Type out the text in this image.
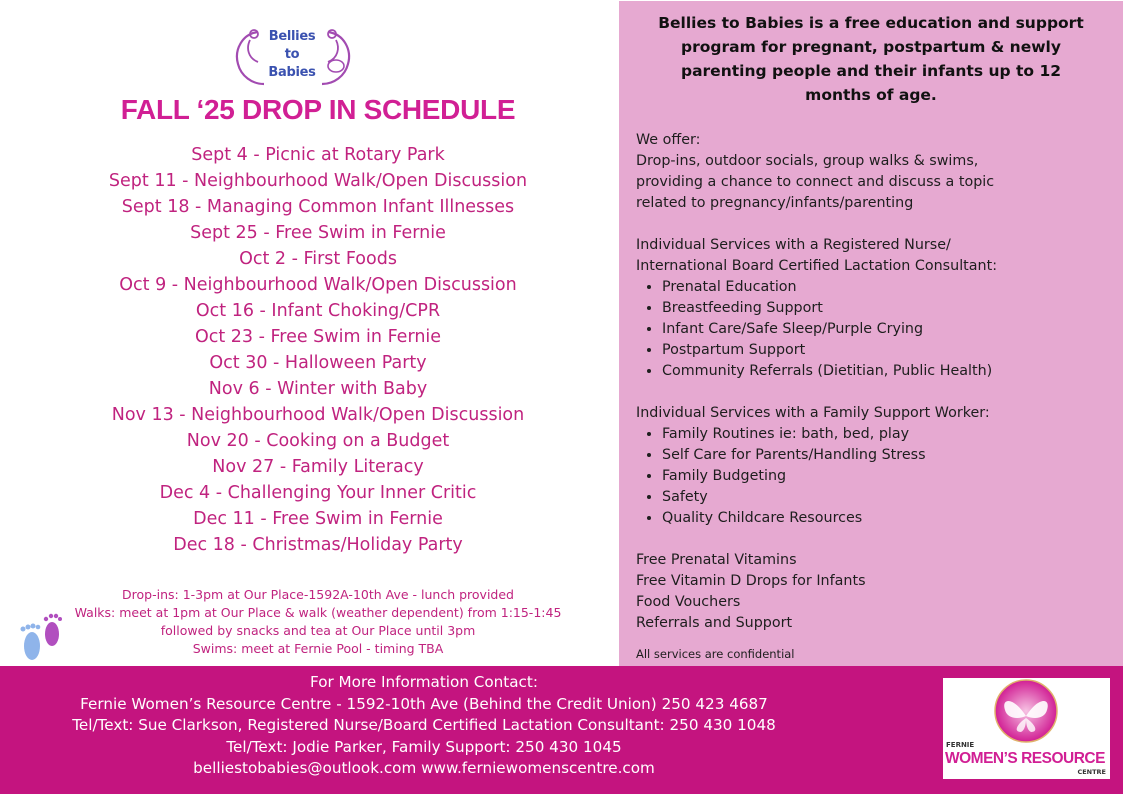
Bellies
to
Babies
FALL ‘25 DROP IN SCHEDULE
Sept 4 - Picnic at Rotary Park
Sept 11 - Neighbourhood Walk/Open Discussion
Sept 18 - Managing Common Infant Illnesses
Sept 25 - Free Swim in Fernie
Oct 2 - First Foods
Oct 9 - Neighbourhood Walk/Open Discussion
Oct 16 - Infant Choking/CPR
Oct 23 - Free Swim in Fernie
Oct 30 - Halloween Party
Nov 6 - Winter with Baby
Nov 13 - Neighbourhood Walk/Open Discussion
Nov 20 - Cooking on a Budget
Nov 27 - Family Literacy
Dec 4 - Challenging Your Inner Critic
Dec 11 - Free Swim in Fernie
Dec 18 - Christmas/Holiday Party
Drop-ins: 1-3pm at Our Place-1592A-10th Ave - lunch provided
Walks: meet at 1pm at Our Place & walk (weather dependent) from 1:15-1:45
followed by snacks and tea at Our Place until 3pm
Swims: meet at Fernie Pool - timing TBA
Bellies to Babies is a free education and support program for pregnant, postpartum & newly parenting people and their infants up to 12 months of age.

We offer:

Drop-ins, outdoor socials, group walks & swims,

providing a chance to connect and discuss a topic

related to pregnancy/infants/parenting

Individual Services with a Registered Nurse/

International Board Certified Lactation Consultant:

• Prenatal Education
• Breastfeeding Support
• Infant Care/Safe Sleep/Purple Crying
• Postpartum Support
• Community Referrals (Dietitian, Public Health)

Individual Services with a Family Support Worker:

• Family Routines ie: bath, bed, play
• Self Care for Parents/Handling Stress
• Family Budgeting
• Safety
• Quality Childcare Resources

Free Prenatal Vitamins

Free Vitamin D Drops for Infants

Food Vouchers

Referrals and Support

All services are confidential

For More Information Contact:
Fernie Women’s Resource Centre - 1592-10th Ave (Behind the Credit Union) 250 423 4687
Tel/Text: Sue Clarkson, Registered Nurse/Board Certified Lactation Consultant: 250 430 1048
Tel/Text: Jodie Parker, Family Support: 250 430 1045
belliestobabies@outlook.com www.ferniewomenscentre.com
FERNIE
WOMEN’S RESOURCE
CENTRE
